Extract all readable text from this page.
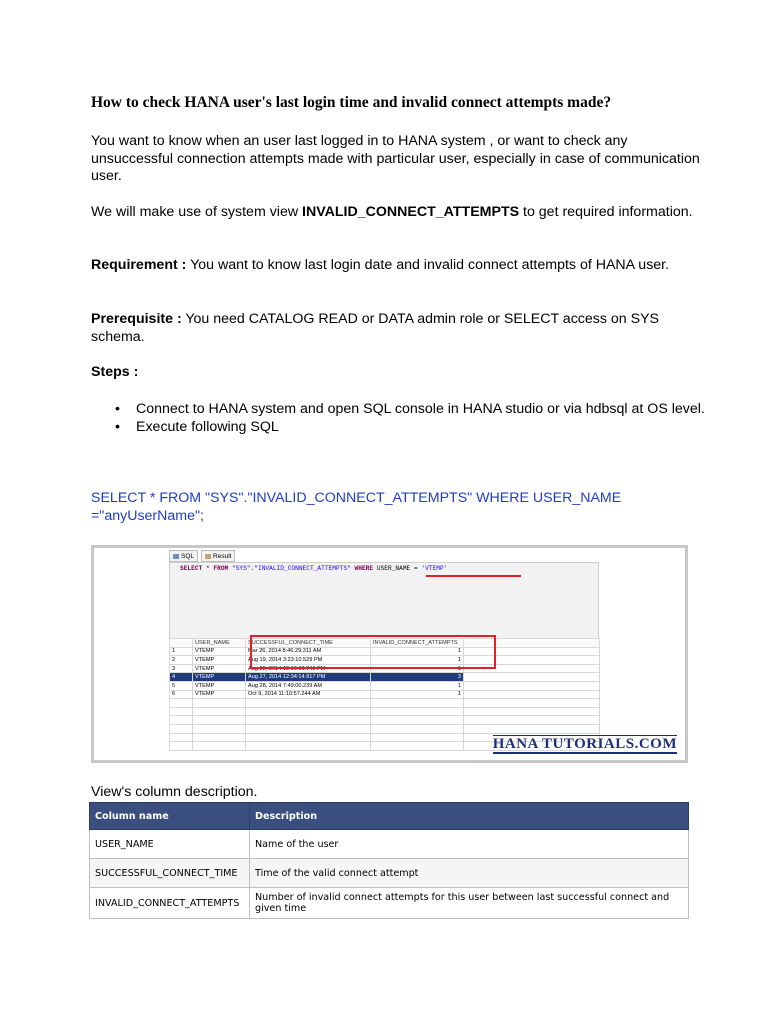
How to check HANA user's last login time and invalid connect attempts made?
You want to know when an user last logged in to HANA system , or want to check any unsuccessful connection attempts made with particular user, especially in case of communication user.
We will make use of system view INVALID_CONNECT_ATTEMPTS to get required information.
Requirement : You want to know last login date and invalid connect attempts of HANA user.
Prerequisite : You need CATALOG READ or DATA admin role or SELECT access on SYS schema.
Steps :
• Connect to HANA system and open SQL console in HANA studio or via hdbsql at OS level.
• Execute following SQL
SELECT * FROM "SYS"."INVALID_CONNECT_ATTEMPTS" WHERE USER_NAME ="anyUserName";
SQL	Result
SELECT * FROM "SYS"."INVALID_CONNECT_ATTEMPTS" WHERE USER_NAME = 'VTEMP'
	USER_NAME	SUCCESSFUL_CONNECT_TIME	INVALID_CONNECT_ATTEMPTS	
1	VTEMP	Mar 26, 2014 8:46:29.311 AM	1	
2	VTEMP	Aug 19, 2014 3:23:10.529 PM	1	
3	VTEMP	Aug 22, 2014 12:16:03.740 PM	1	
4	VTEMP	Aug 27, 2014 12:34:14.917 PM	3	
5	VTEMP	Aug 28, 2014 7:49:00.239 AM	1	
6	VTEMP	Oct 9, 2014 11:10:57.244 AM	1	

HANA TUTORIALS.COM
View's column description.
Column name	Description
USER_NAME	Name of the user
SUCCESSFUL_CONNECT_TIME	Time of the valid connect attempt
INVALID_CONNECT_ATTEMPTS	Number of invalid connect attempts for this user between last successful connect and given time
